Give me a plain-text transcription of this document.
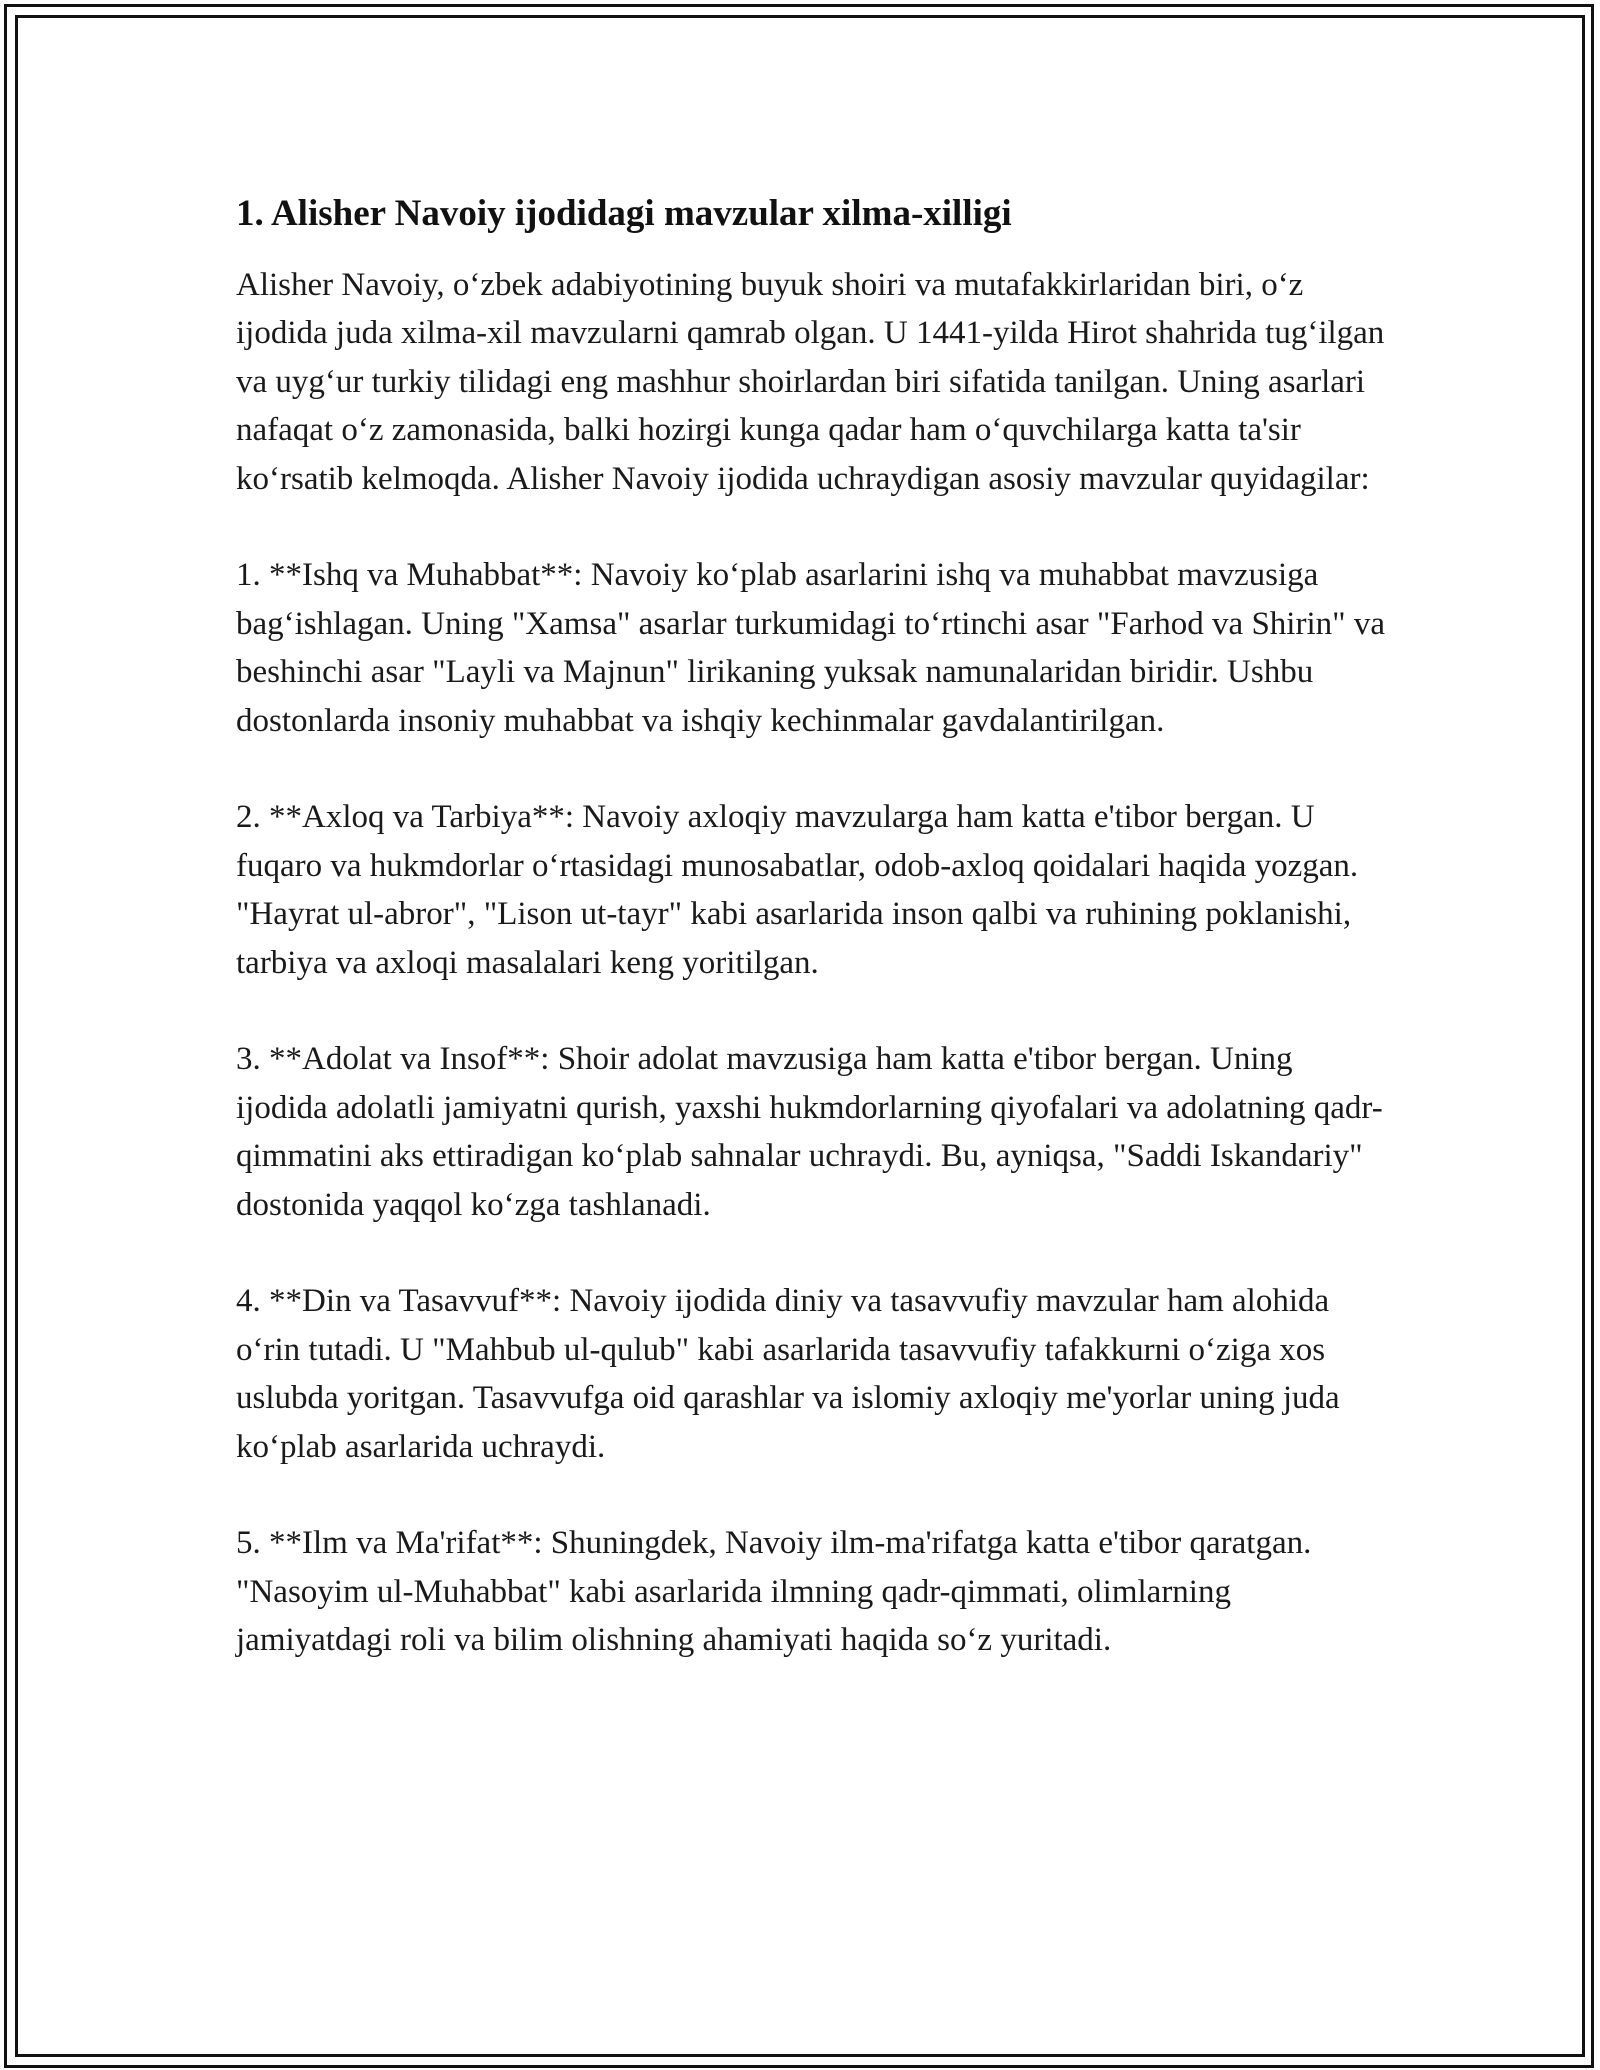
1. Alisher Navoiy ijodidagi mavzular xilma-xilligi

Alisher Navoiy, o‘zbek adabiyotining buyuk shoiri va mutafakkirlaridan biri, o‘z ijodida juda xilma-xil mavzularni qamrab olgan. U 1441-yilda Hirot shahrida tug‘ilgan va uyg‘ur turkiy tilidagi eng mashhur shoirlardan biri sifatida tanilgan. Uning asarlari nafaqat o‘z zamonasida, balki hozirgi kunga qadar ham o‘quvchilarga katta ta'sir ko‘rsatib kelmoqda. Alisher Navoiy ijodida uchraydigan asosiy mavzular quyidagilar:

1. **Ishq va Muhabbat**: Navoiy ko‘plab asarlarini ishq va muhabbat mavzusiga bag‘ishlagan. Uning "Xamsa" asarlar turkumidagi to‘rtinchi asar "Farhod va Shirin" va beshinchi asar "Layli va Majnun" lirikaning yuksak namunalaridan biridir. Ushbu dostonlarda insoniy muhabbat va ishqiy kechinmalar gavdalantirilgan.

2. **Axloq va Tarbiya**: Navoiy axloqiy mavzularga ham katta e'tibor bergan. U fuqaro va hukmdorlar o‘rtasidagi munosabatlar, odob-axloq qoidalari haqida yozgan. "Hayrat ul-abror", "Lison ut-tayr" kabi asarlarida inson qalbi va ruhining poklanishi, tarbiya va axloqi masalalari keng yoritilgan.

3. **Adolat va Insof**: Shoir adolat mavzusiga ham katta e'tibor bergan. Uning ijodida adolatli jamiyatni qurish, yaxshi hukmdorlarning qiyofalari va adolatning qadr-qimmatini aks ettiradigan ko‘plab sahnalar uchraydi. Bu, ayniqsa, "Saddi Iskandariy" dostonida yaqqol ko‘zga tashlanadi.

4. **Din va Tasavvuf**: Navoiy ijodida diniy va tasavvufiy mavzular ham alohida o‘rin tutadi. U "Mahbub ul-qulub" kabi asarlarida tasavvufiy tafakkurni o‘ziga xos uslubda yoritgan. Tasavvufga oid qarashlar va islomiy axloqiy me'yorlar uning juda ko‘plab asarlarida uchraydi.

5. **Ilm va Ma'rifat**: Shuningdek, Navoiy ilm-ma'rifatga katta e'tibor qaratgan. "Nasoyim ul-Muhabbat" kabi asarlarida ilmning qadr-qimmati, olimlarning jamiyatdagi roli va bilim olishning ahamiyati haqida so‘z yuritadi.
